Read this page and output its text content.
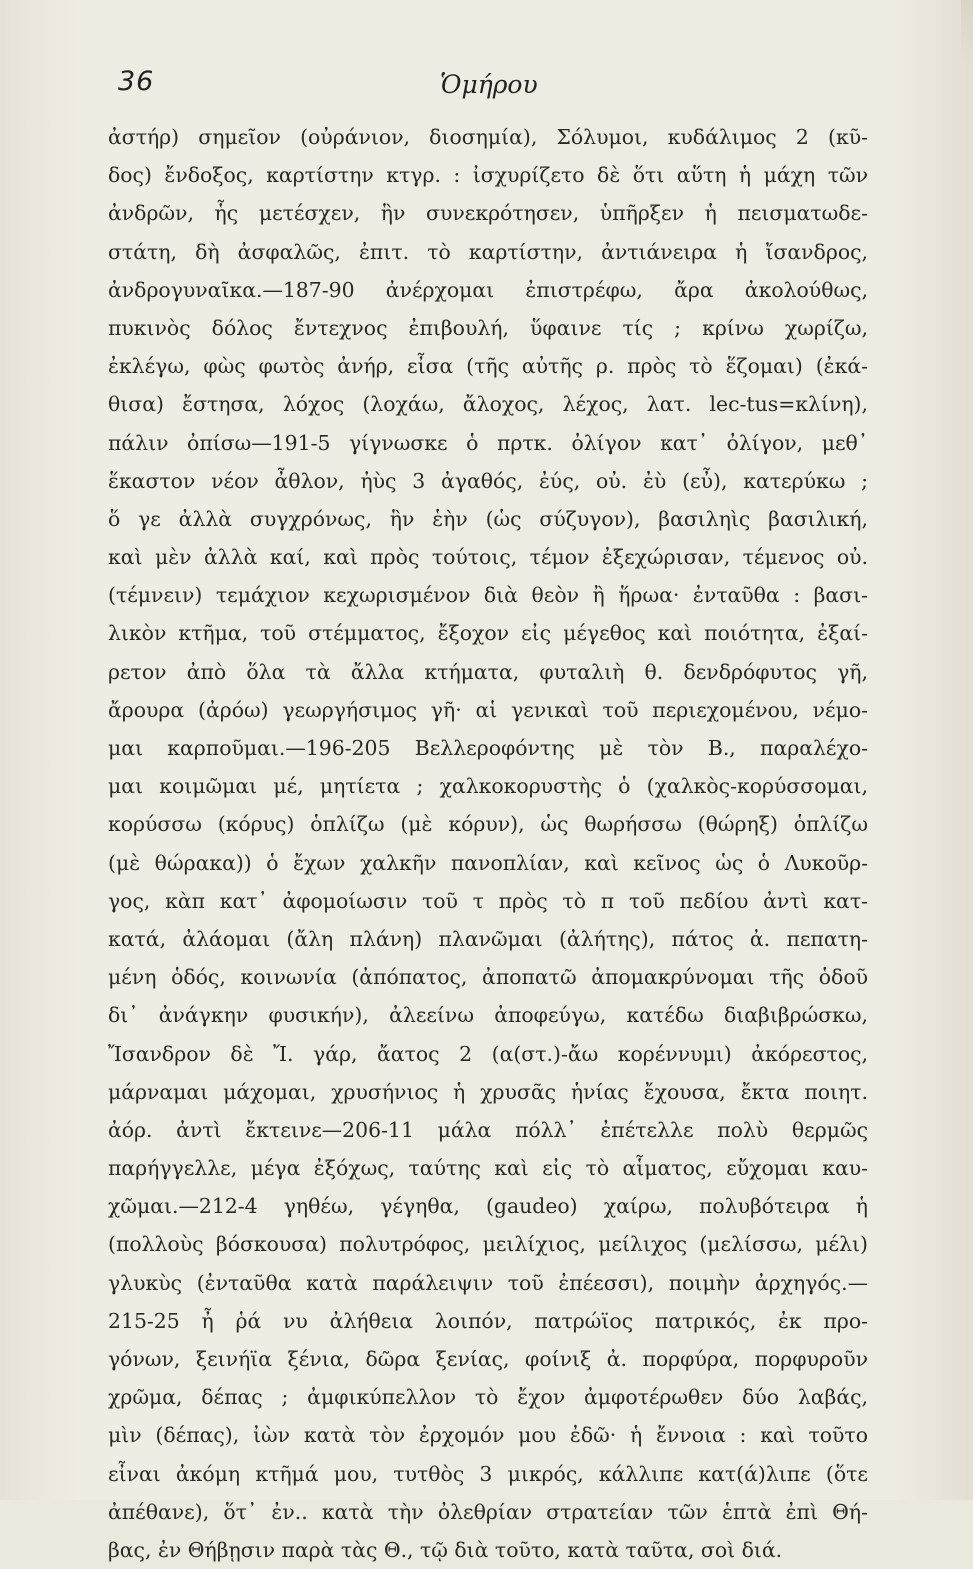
36	Ὁμήρου
ἀστήρ) σημεῖον (οὐράνιον, διοσημία), Σόλυμοι, κυδάλιμος 2 (κῦ-
δος) ἔνδοξος, καρτίστην κτγρ. : ἰσχυρίζετο δὲ ὅτι αὕτη ἡ μάχη τῶν
ἀνδρῶν, ἧς μετέσχεν, ἣν συνεκρότησεν, ὑπῆρξεν ἡ πεισματωδε-
στάτη, δὴ ἀσφαλῶς, ἐπιτ. τὸ καρτίστην, ἀντιάνειρα ἡ ἴσανδρος,
ἀνδρογυναῖκα.—187-90 ἀνέρχομαι ἐπιστρέφω, ἄρα ἀκολούθως,
πυκινὸς δόλος ἔντεχνος ἐπιβουλή, ὕφαινε τίς ; κρίνω χωρίζω,
ἐκλέγω, φὼς φωτὸς ἀνήρ, εἶσα (τῆς αὐτῆς ρ. πρὸς τὸ ἕζομαι) (ἐκά-
θισα) ἔστησα, λόχος (λοχάω, ἄλοχος, λέχος, λατ. lec-tus=κλίνη),
πάλιν ὀπίσω—191-5 γίγνωσκε ὁ πρτκ. ὀλίγον κατ᾽ ὀλίγον, μεθ᾽
ἕκαστον νέον ἆθλον, ἠὺς 3 ἀγαθός, ἐύς, οὐ. ἐὺ (εὖ), κατερύκω ;
ὅ γε ἀλλὰ συγχρόνως, ἣν ἑὴν (ὡς σύζυγον), βασιληὶς βασιλική,
καὶ μὲν ἀλλὰ καί, καὶ πρὸς τούτοις, τέμον ἐξεχώρισαν, τέμενος οὐ.
(τέμνειν) τεμάχιον κεχωρισμένον διὰ θεὸν ἢ ἥρωα· ἐνταῦθα : βασι-
λικὸν κτῆμα, τοῦ στέμματος, ἔξοχον εἰς μέγεθος καὶ ποιότητα, ἐξαί-
ρετον ἀπὸ ὅλα τὰ ἄλλα κτήματα, φυταλιὴ θ. δενδρόφυτος γῆ,
ἄρουρα (ἀρόω) γεωργήσιμος γῆ· αἱ γενικαὶ τοῦ περιεχομένου, νέμο-
μαι καρποῦμαι.—196-205 Βελλεροφόντης μὲ τὸν Β., παραλέχο-
μαι κοιμῶμαι μέ, μητίετα ; χαλκοκορυστὴς ὁ (χαλκὸς-κορύσσομαι,
κορύσσω (κόρυς) ὁπλίζω (μὲ κόρυν), ὡς θωρήσσω (θώρηξ) ὁπλίζω
(μὲ θώρακα)) ὁ ἔχων χαλκῆν πανοπλίαν, καὶ κεῖνος ὡς ὁ Λυκοῦρ-
γος, κὰπ κατ᾽ ἀφομοίωσιν τοῦ τ πρὸς τὸ π τοῦ πεδίου ἀντὶ κατ-
κατά, ἀλάομαι (ἄλη πλάνη) πλανῶμαι (ἀλήτης), πάτος ἀ. πεπατη-
μένη ὁδός, κοινωνία (ἀπόπατος, ἀποπατῶ ἀπομακρύνομαι τῆς ὁδοῦ
δι᾽ ἀνάγκην φυσικήν), ἀλεείνω ἀποφεύγω, κατέδω διαβιβρώσκω,
Ἴσανδρον δὲ Ἴ. γάρ, ἄατος 2 (α(στ.)-ἄω κορέννυμι) ἀκόρεστος,
μάρναμαι μάχομαι, χρυσήνιος ἡ χρυσᾶς ἡνίας ἔχουσα, ἔκτα ποιητ.
ἀόρ. ἀντὶ ἔκτεινε—206-11 μάλα πόλλ᾽ ἐπέτελλε πολὺ θερμῶς
παρήγγελλε, μέγα ἐξόχως, ταύτης καὶ εἰς τὸ αἷματος, εὔχομαι καυ-
χῶμαι.—212-4 γηθέω, γέγηθα, (gaudeo) χαίρω, πολυβότειρα ἡ
(πολλοὺς βόσκουσα) πολυτρόφος, μειλίχιος, μείλιχος (μελίσσω, μέλι)
γλυκὺς (ἐνταῦθα κατὰ παράλειψιν τοῦ ἐπέεσσι), ποιμὴν ἀρχηγός.—
215-25 ἦ ῥά νυ ἀλήθεια λοιπόν, πατρώϊος πατρικός, ἐκ προ-
γόνων, ξεινήϊα ξένια, δῶρα ξενίας, φοίνιξ ἀ. πορφύρα, πορφυροῦν
χρῶμα, δέπας ; ἀμφικύπελλον τὸ ἔχον ἀμφοτέρωθεν δύο λαβάς,
μὶν (δέπας), ἰὼν κατὰ τὸν ἐρχομόν μου ἐδῶ· ἡ ἔννοια : καὶ τοῦτο
εἶναι ἀκόμη κτῆμά μου, τυτθὸς 3 μικρός, κάλλιπε κατ(ά)λιπε (ὅτε
ἀπέθανε), ὅτ᾽ ἐν.. κατὰ τὴν ὀλεθρίαν στρατείαν τῶν ἑπτὰ ἐπὶ Θή-
βας, ἐν Θήβῃσιν παρὰ τὰς Θ., τῷ διὰ τοῦτο, κατὰ ταῦτα, σοὶ διά.
